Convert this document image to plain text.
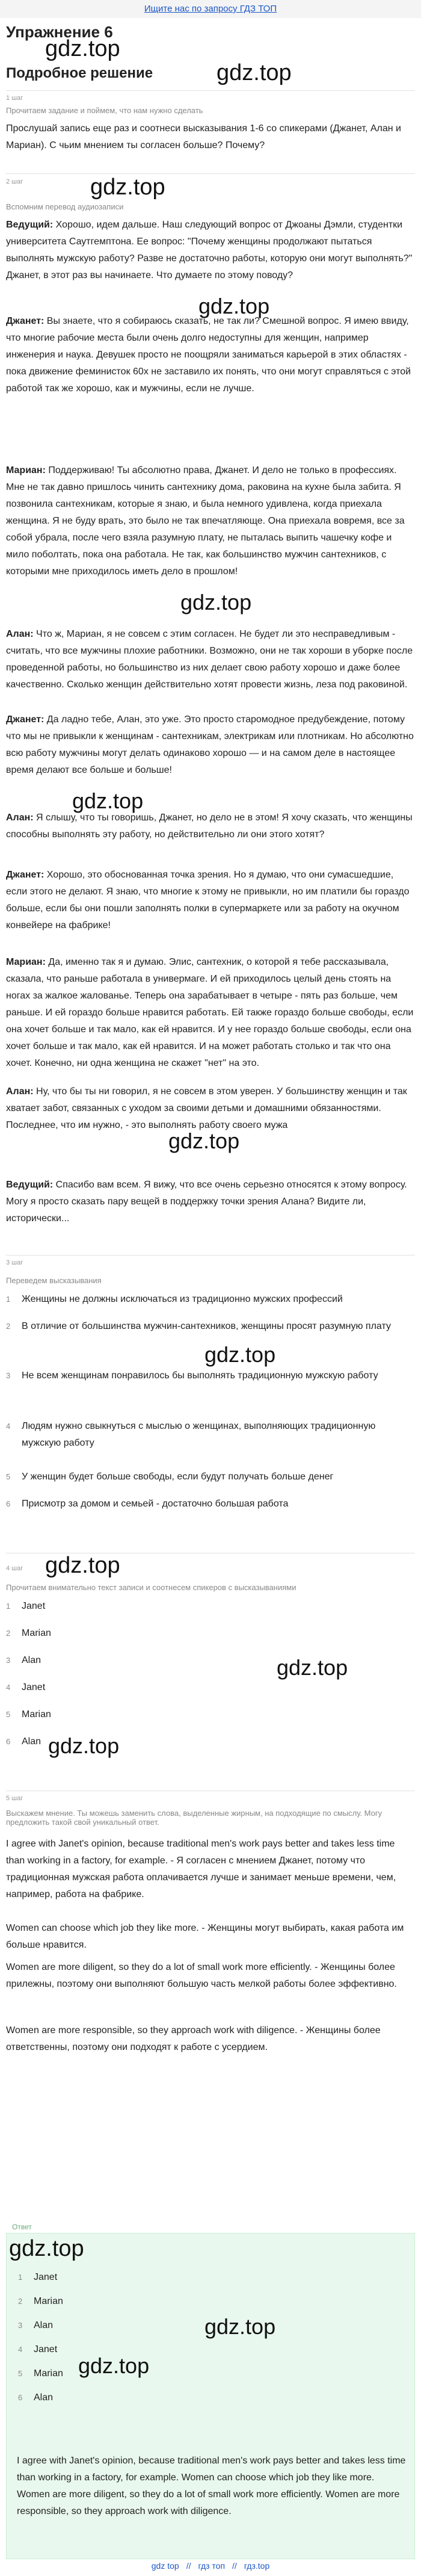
Ищите нас по запросу ГДЗ ТОП
Упражнение 6
gdz.top
Подробное решение	gdz.top
1 шаг
Прочитаем задание и поймем, что нам нужно сделать
Прослушай запись еще раз и соотнеси высказывания 1-6 со спикерами (Джанет, Алан и Мариан). С чьим мнением ты согласен больше? Почему?
2 шаг	gdz.top
Вспомним перевод аудиозаписи
Ведущий: Хорошо, идем дальше. Наш следующий вопрос от Джоаны Дэмли, студентки университета Саутгемптона. Ее вопрос: "Почему женщины продолжают пытаться выполнять мужскую работу? Разве не достаточно работы, которую они могут выполнять?" Джанет, в этот раз вы начинаете. Что думаете по этому поводу?
gdz.top
Джанет: Вы знаете, что я собираюсь сказать, не так ли? Смешной вопрос. Я имею ввиду, что многие рабочие места были очень долго недоступны для женщин, например инженерия и наука. Девушек просто не поощряли заниматься карьерой в этих областях - пока движение феминисток 60х не заставило их понять, что они могут справляться с этой работой так же хорошо, как и мужчины, если не лучше.
Мариан: Поддерживаю! Ты абсолютно права, Джанет. И дело не только в профессиях. Мне не так давно пришлось чинить сантехнику дома, раковина на кухне была забита. Я позвонила сантехникам, которые я знаю, и была немного удивлена, когда приехала женщина. Я не буду врать, это было не так впечатляюще. Она приехала вовремя, все за собой убрала, после чего взяла разумную плату, не пыталась выпить чашечку кофе и мило поболтать, пока она работала. Не так, как большинство мужчин сантехников, с которыми мне приходилось иметь дело в прошлом!
gdz.top
Алан: Что ж, Мариан, я не совсем с этим согласен. Не будет ли это несправедливым - считать, что все мужчины плохие работники. Возможно, они не так хороши в уборке после проведенной работы, но большинство из них делает свою работу хорошо и даже более качественно. Сколько женщин действительно хотят провести жизнь, леза под раковиной.
Джанет: Да ладно тебе, Алан, это уже. Это просто старомодное предубеждение, потому что мы не привыкли к женщинам - сантехникам, электрикам или плотникам. Но абсолютно всю работу мужчины могут делать одинаково хорошо — и на самом деле в настоящее время делают все больше и больше!
gdz.top
Алан: Я слышу, что ты говоришь, Джанет, но дело не в этом! Я хочу сказать, что женщины способны выполнять эту работу, но действительно ли они этого хотят?
Джанет: Хорошо, это обоснованная точка зрения. Но я думаю, что они сумасшедшие, если этого не делают. Я знаю, что многие к этому не привыкли, но им платили бы гораздо больше, если бы они пошли заполнять полки в супермаркете или за работу на окучном конвейере на фабрике!
Мариан: Да, именно так я и думаю. Элис, сантехник, о которой я тебе рассказывала, сказала, что раньше работала в универмаге. И ей приходилось целый день стоять на ногах за жалкое жалованье. Теперь она зарабатывает в четыре - пять раз больше, чем раньше. И ей гораздо больше нравится работать. Ей также гораздо больше свободы, если она хочет больше и так мало, как ей нравится. И у нее гораздо больше свободы, если она хочет больше и так мало, как ей нравится. И на может работать столько и так что она хочет. Конечно, ни одна женщина не скажет "нет" на это.
Алан: Ну, что бы ты ни говорил, я не совсем в этом уверен. У большинству женщин и так хватает забот, связанных с уходом за своими детьми и домашними обязанностями. Последнее, что им нужно, - это выполнять работу своего мужа
gdz.top
Ведущий: Спасибо вам всем. Я вижу, что все очень серьезно относятся к этому вопросу. Могу я просто сказать пару вещей в поддержку точки зрения Алана? Видите ли, исторически...
3 шаг
Переведем высказывания
1 Женщины не должны исключаться из традиционно мужских профессий
2 В отличие от большинства мужчин-сантехников, женщины просят разумную плату
gdz.top
3 Не всем женщинам понравилось бы выполнять традиционную мужскую работу
4 Людям нужно свыкнуться с мыслью о женщинах, выполняющих традиционную мужскую работу
5 У женщин будет больше свободы, если будут получать больше денег
6 Присмотр за домом и семьей - достаточно большая работа
4 шаг gdz.top
Прочитаем внимательно текст записи и соотнесем спикеров с высказываниями
1 Janet
2 Marian
3 Alan	gdz.top
4 Janet
5 Marian
6 Alan gdz.top
5 шаг
Выскажем мнение. Ты можешь заменить слова, выделенные жирным, на подходящие по смыслу. Могу предложить такой свой уникальный ответ.
I agree with Janet's opinion, because traditional men's work pays better and takes less time than working in a factory, for example. - Я согласен с мнением Джанет, потому что традиционная мужская работа оплачивается лучше и занимает меньше времени, чем, например, работа на фабрике.
Women can choose which job they like more. - Женщины могут выбирать, какая работа им больше нравится.
Women are more diligent, so they do a lot of small work more efficiently. - Женщины более прилежны, поэтому они выполняют большую часть мелкой работы более эффективно.
Women are more responsible, so they approach work with diligence. - Женщины более ответственны, поэтому они подходят к работе с усердием.
Ответ
gdz.top
1 Janet
2 Marian
3 Alan	gdz.top
4 Janet
gdz.top
5 Marian
6 Alan
I agree with Janet's opinion, because traditional men's work pays better and takes less time than working in a factory, for example. Women can choose which job they like more. Women are more diligent, so they do a lot of small work more efficiently. Women are more responsible, so they approach work with diligence.
gdz top // гдз топ // гдз.top
